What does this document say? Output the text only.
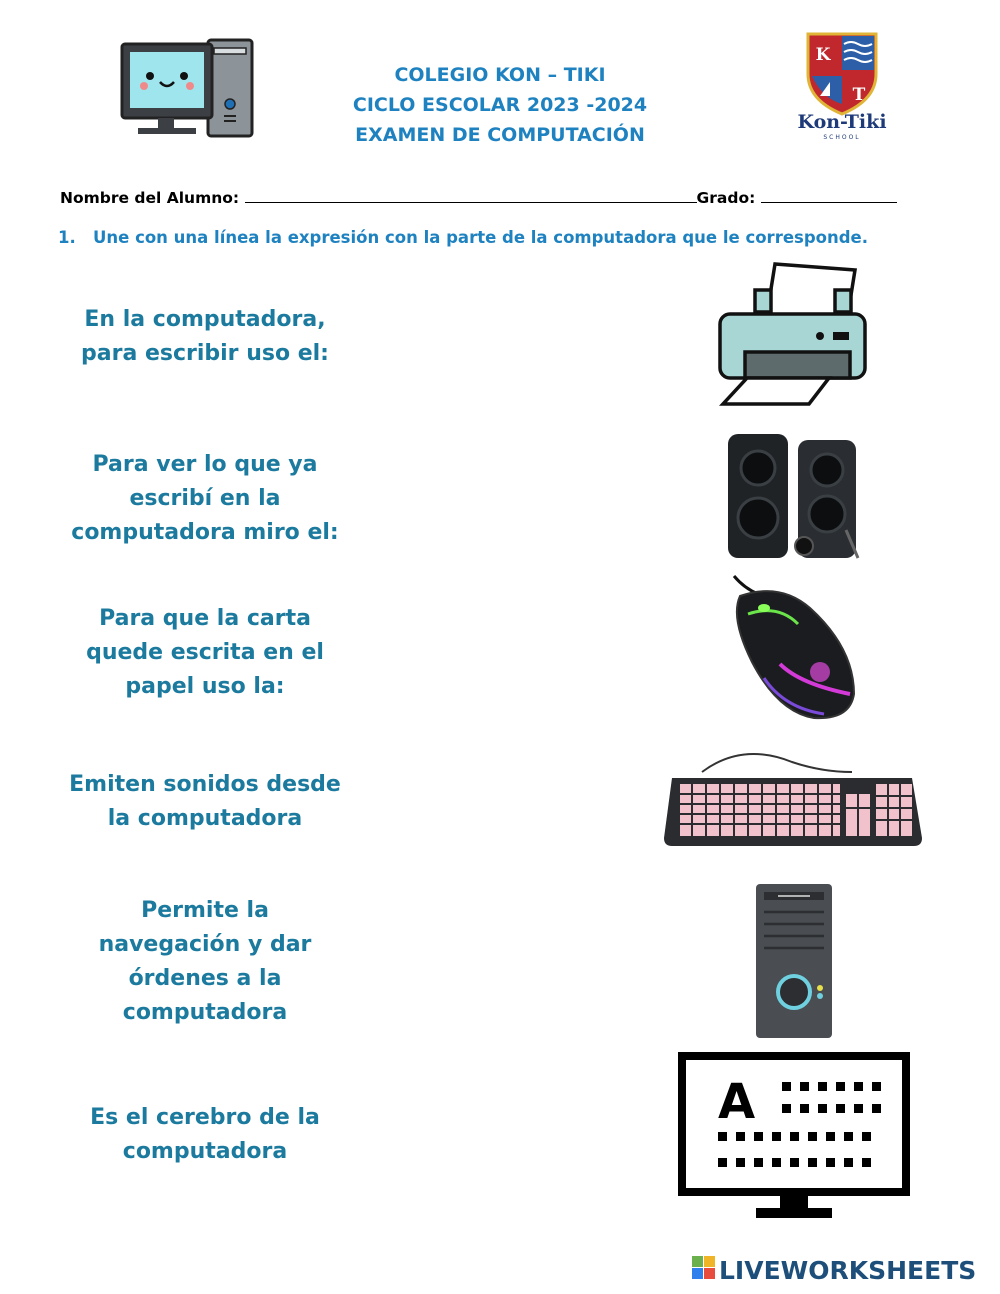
COLEGIO KON – TIKI
CICLO ESCOLAR 2023 -2024
EXAMEN DE COMPUTACIÓN
K
T
Kon-Tiki
SCHOOL
Nombre del Alumno:	Grado:
1. Une con una línea la expresión con la parte de la computadora que le corresponde.
En la computadora,
para escribir uso el:
Para ver lo que ya
escribí en la
computadora miro el:
Para que la carta
quede escrita en el
papel uso la:
Emiten sonidos desde
la computadora
Permite la
navegación y dar
órdenes a la
computadora
Es el cerebro de la
computadora
A
LIVEWORKSHEETS
